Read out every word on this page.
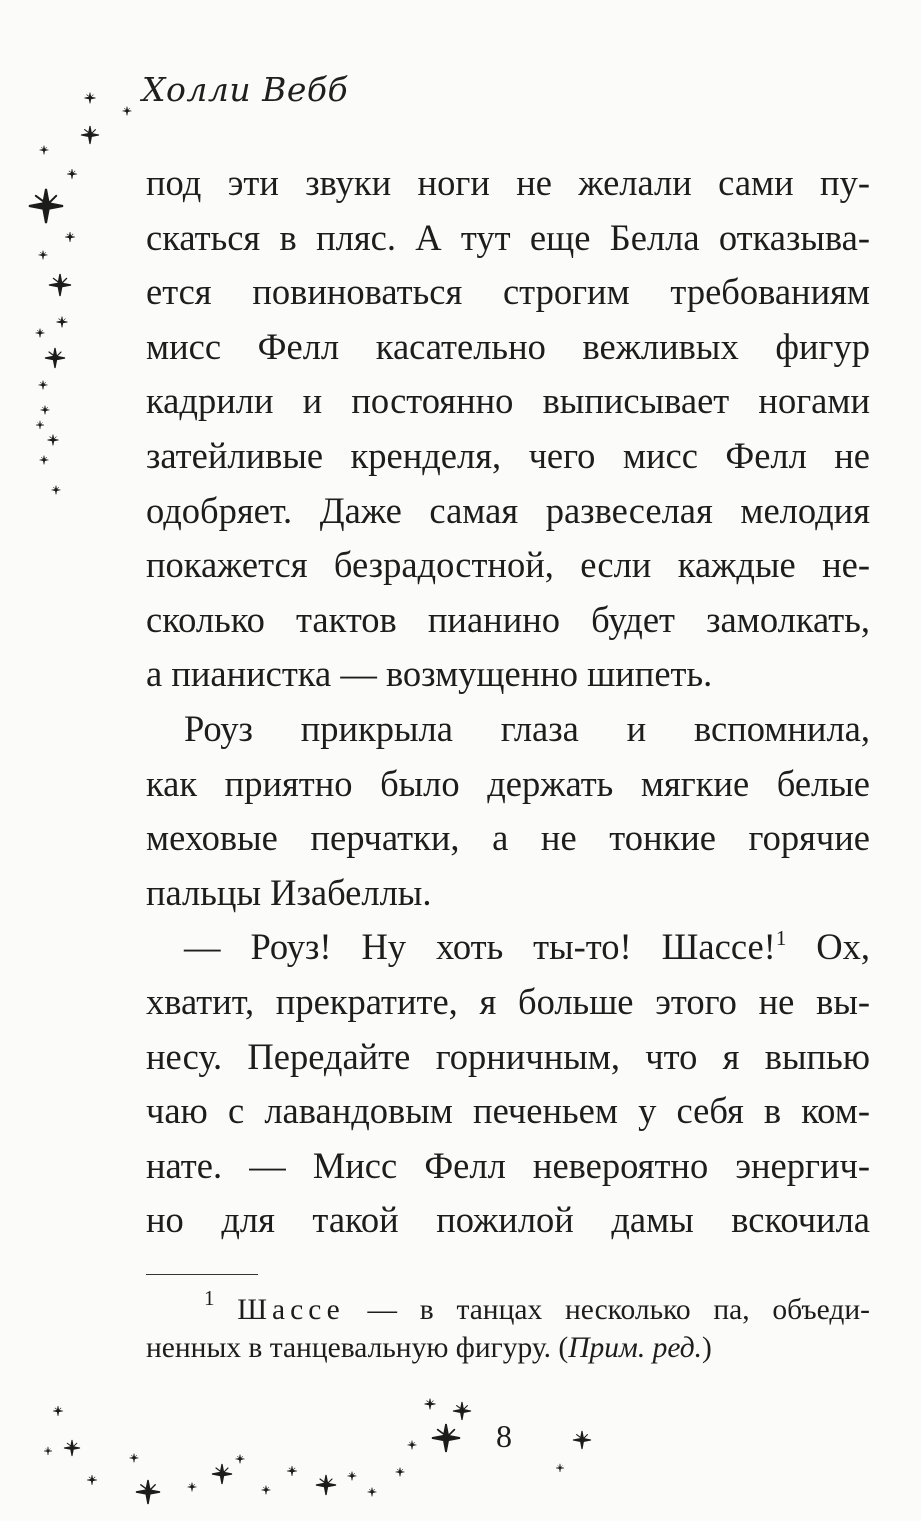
Холли Вебб
под эти звуки ноги не желали сами пу-
скаться в пляс. А тут еще Белла отказыва-
ется повиноваться строгим требованиям
мисс Фелл касательно вежливых фигур
кадрили и постоянно выписывает ногами
затейливые кренделя, чего мисс Фелл не
одобряет. Даже самая развеселая мелодия
покажется безрадостной, если каждые не-
сколько тактов пианино будет замолкать,
а пианистка — возмущенно шипеть.
Роуз прикрыла глаза и вспомнила,
как приятно было держать мягкие белые
меховые перчатки, а не тонкие горячие
пальцы Изабеллы.
— Роуз! Ну хоть ты-то! Шассе!$^1$ Ох,
хватит, прекратите, я больше этого не вы-
несу. Передайте горничным, что я выпью
чаю с лавандовым печеньем у себя в ком-
нате. — Мисс Фелл невероятно энергич-
но для такой пожилой дамы вскочила
$^1$ Шассе — в танцах несколько па, объеди-
ненных в танцевальную фигуру. (Прим. ред.)
8
